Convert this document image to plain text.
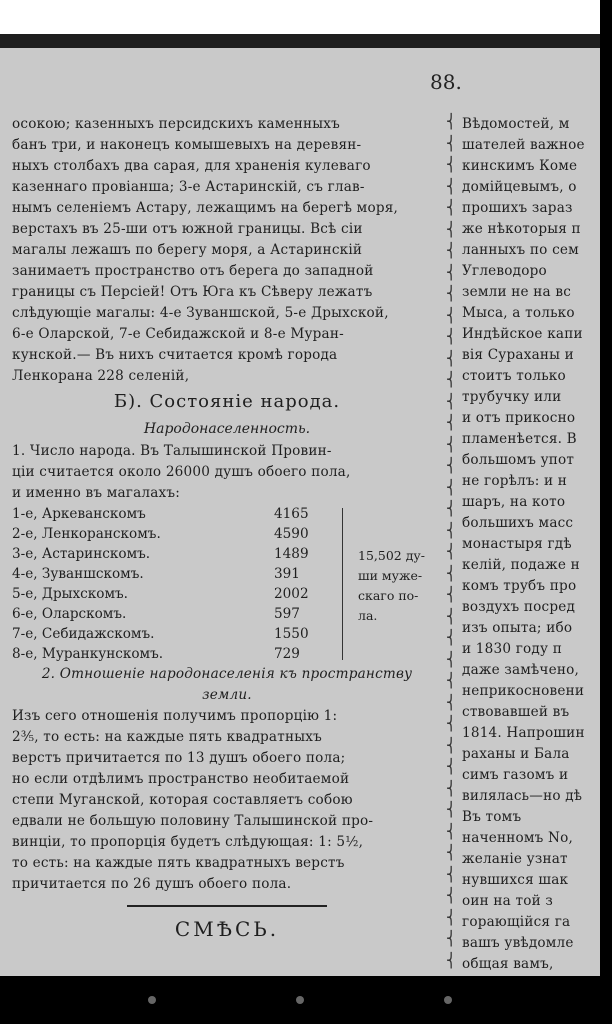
88.
осокою; казенныхъ персидскихъ каменныхъ
банъ три, и наконецъ комышевыхъ на деревян-
ныхъ столбахъ два сарая, для храненія кулеваго
казеннаго провіанша; 3-е Астаринскій, съ глав-
нымъ селеніемъ Астару, лежащимъ на берегѣ моря,
верстахъ въ 25-ши отъ южной границы. Всѣ сіи
магалы лежашъ по берегу моря, а Астаринскій
занимаетъ пространство отъ берега до западной
границы съ Персіей! Отъ Юга къ Сѣверу лежатъ
слѣдующіе магалы: 4-е Зуваншской, 5-е Дрыхской,
6-е Оларской, 7-е Себидажской и 8-е Муран-
кунской.— Въ нихъ считается кромѣ города
Ленкорана 228 селеній,
Б). Состояніе народа.
Народонаселенность.
1. Число народа. Въ Талышинской Провин-
ціи считается около 26000 душъ обоего пола,
и именно въ магалахъ:
1-е, Аркеванскомъ	4165
2-е, Ленкоранскомъ.	4590
3-е, Астаринскомъ.	1489
4-е, Зуваншскомъ.	391
5-е, Дрыхскомъ.	2002
6-е, Оларскомъ.	597
7-е, Себидажскомъ.	1550
8-е, Муранкунскомъ.	729
15,502 ду-
ши муже-
скаго по-
ла.
2. Отношеніе народонаселенія къ пространству
земли.
Изъ сего отношенія получимъ пропорцію 1:
2⅗, то есть: на каждые пять квадратныхъ
верстъ причитается по 13 душъ обоего пола;
но если отдѣлимъ пространство необитаемой
степи Муганской, которая составляетъ собою
едвали не большую половину Талышинской про-
винціи, то пропорція будетъ слѣдующая: 1: 5½,
то есть: на каждые пять квадратныхъ верстъ
причитается по 26 душъ обоего пола.
СМѢСЬ.
⎨
⎨
⎨
⎨
⎨
⎨
⎨
⎨
⎨
⎨
⎨
⎨
⎨
⎨
⎨
⎨
⎨
⎨
⎨
⎨
⎨
⎨
⎨
⎨
⎨
⎨
⎨
⎨
⎨
⎨
⎨
⎨
⎨
⎨
⎨
⎨
⎨
⎨
⎨
⎨
Вѣдомостей, м
шателей важное
кинскимъ Коме
домійцевымъ, о
прошихъ зараз
же нѣкоторыя п
ланныхъ по сем
Углеводоро
земли не на вс
Мыса, а только
Индѣйское капи
вія Сураханы и
стоитъ только
трубучку или
и отъ прикосно
пламенѣется. В
большомъ упот
не горѣлъ: и н
шаръ, на кото
большихъ масс
монастыря гдѣ
келій, подаже н
комъ трубъ про
воздухъ посред
изъ опыта; ибо
и 1830 году п
даже замѣчено,
неприкосновени
ствовавшей въ
1814. Напрошин
раханы и Бала
симъ газомъ и
вилялась—но дѣ
Въ томъ
наченномъ No,
желаніе узнат
нувшихся шак
оин на той з
горающійся га
вашъ увѣдомле
общая вамъ,
